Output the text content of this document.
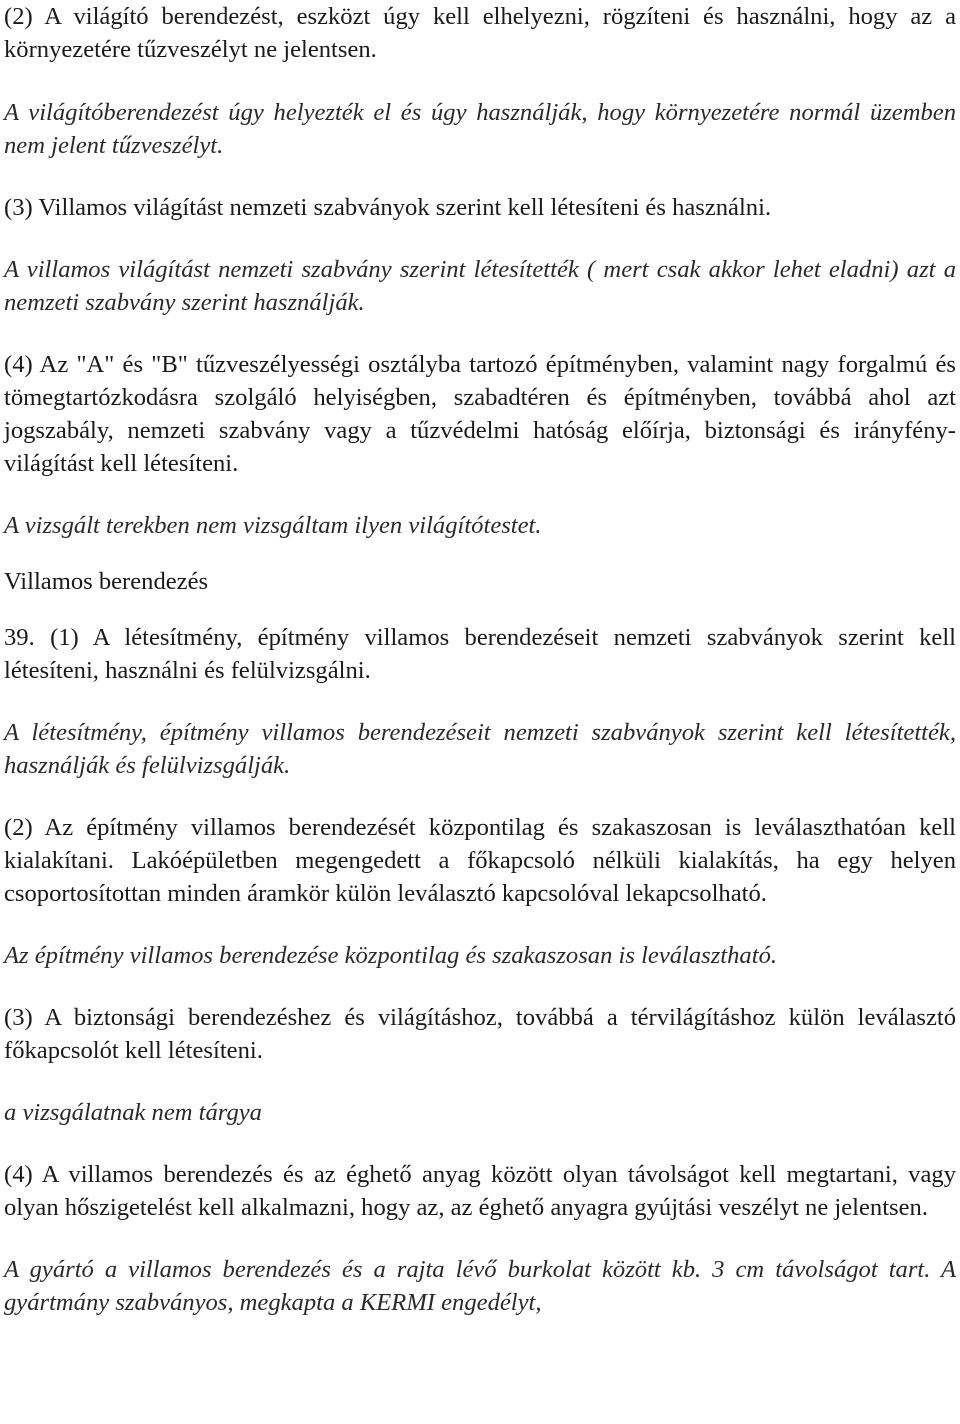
(2) A világító berendezést, eszközt úgy kell elhelyezni, rögzíteni és használni, hogy az a környezetére tűzveszélyt ne jelentsen.

A világítóberendezést úgy helyezték el és úgy használják, hogy környezetére normál üzemben nem jelent tűzveszélyt.

(3) Villamos világítást nemzeti szabványok szerint kell létesíteni és használni.

A villamos világítást nemzeti szabvány szerint létesítették ( mert csak akkor lehet eladni) azt a nemzeti szabvány szerint használják.

(4) Az "A" és "B" tűzveszélyességi osztályba tartozó építményben, valamint nagy forgalmú és tömegtartózkodásra szolgáló helyiségben, szabadtéren és építményben, továbbá ahol azt jogszabály, nemzeti szabvány vagy a tűzvédelmi hatóság előírja, biztonsági és irányfény-világítást kell létesíteni.

A vizsgált terekben nem vizsgáltam ilyen világítótestet.

Villamos berendezés

39. (1) A létesítmény, építmény villamos berendezéseit nemzeti szabványok szerint kell létesíteni, használni és felülvizsgálni.

A létesítmény, építmény villamos berendezéseit nemzeti szabványok szerint kell létesítették, használják és felülvizsgálják.

(2) Az építmény villamos berendezését központilag és szakaszosan is leválaszthatóan kell kialakítani. Lakóépületben megengedett a főkapcsoló nélküli kialakítás, ha egy helyen csoportosítottan minden áramkör külön leválasztó kapcsolóval lekapcsolható.

Az építmény villamos berendezése központilag és szakaszosan is leválasztható.

(3) A biztonsági berendezéshez és világításhoz, továbbá a térvilágításhoz külön leválasztó főkapcsolót kell létesíteni.

a vizsgálatnak nem tárgya

(4) A villamos berendezés és az éghető anyag között olyan távolságot kell megtartani, vagy olyan hőszigetelést kell alkalmazni, hogy az, az éghető anyagra gyújtási veszélyt ne jelentsen.

A gyártó a villamos berendezés és a rajta lévő burkolat között kb. 3 cm távolságot tart. A gyártmány szabványos, megkapta a KERMI engedélyt,
